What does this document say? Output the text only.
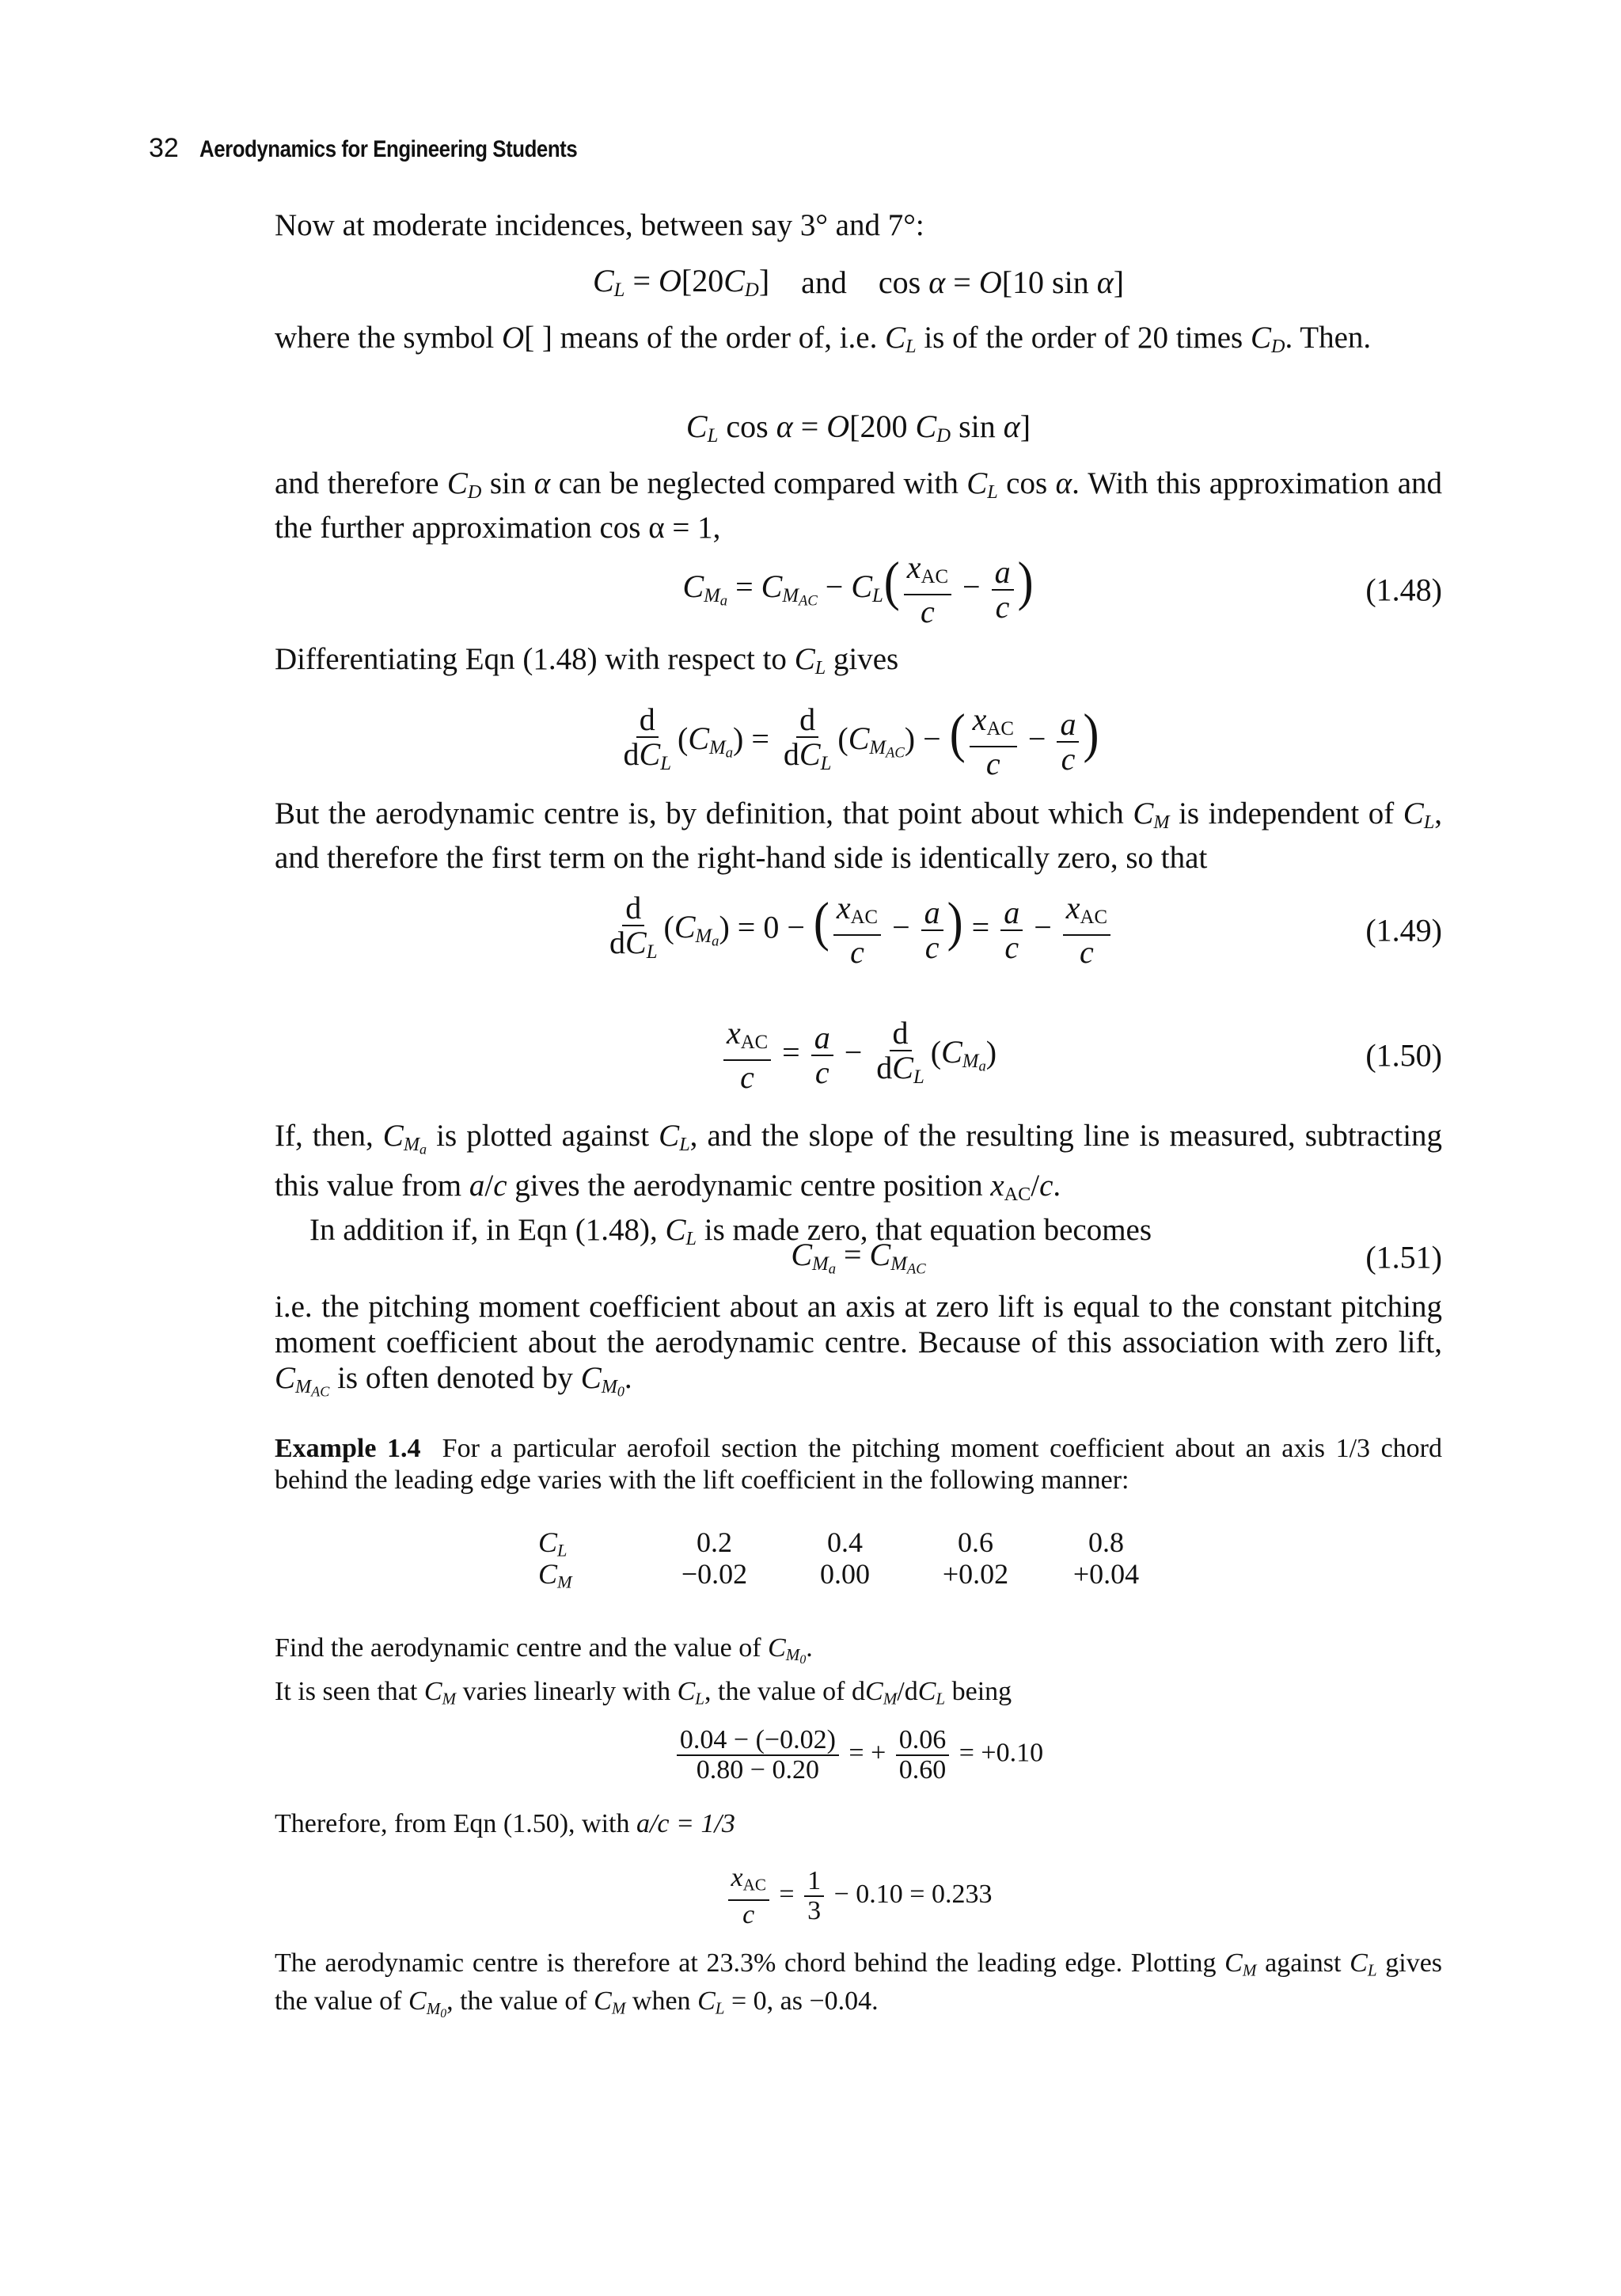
32 Aerodynamics for Engineering Students

Now at moderate incidences, between say 3° and 7°:

$C_L = O[20C_D]$ and cos α = O[10 sin α]

where the symbol O[ ] means of the order of, i.e. $C_L$ is of the order of 20 times $C_D$. Then.

$C_L$ cos α = O[200 $C_D$ sin α]

and therefore $C_D$ sin α can be neglected compared with $C_L$ cos α. With this approximation and the further approximation cos α = 1,

$C_{M_a} = C_{M_{AC}} - C_L( \frac{x_{AC}}{c} - \frac{a}{c}$ )	(1.48)

Differentiating Eqn (1.48) with respect to $C_L$ gives

$\frac{d}{dC_L} (C_{M_a}) = \frac{d}{dC_L} (C_{M_{AC}})$ − ( $\frac{x_{AC}}{c} - \frac{a}{c}$ )

But the aerodynamic centre is, by definition, that point about which $C_M$ is independent of $C_L$, and therefore the first term on the right-hand side is identically zero, so that

$\frac{d}{dC_L} (C_{M_a}) = 0$ − ( $\frac{x_{AC}}{c} - \frac{a}{c}$ ) = $\frac{a}{c} - \frac{x_{AC}}{c}$	(1.49)
$\frac{x_{AC}}{c} = \frac{a}{c} - \frac{d}{dC_L} (C_{M_a})$	(1.50)

If, then, $C_{M_a}$ is plotted against $C_L$, and the slope of the resulting line is measured, subtracting this value from a/c gives the aerodynamic centre position $x_{AC}/c$.

In addition if, in Eqn (1.48), $C_L$ is made zero, that equation becomes

$C_{M_a} = C_{M_{AC}}$	(1.51)

i.e. the pitching moment coefficient about an axis at zero lift is equal to the constant pitching moment coefficient about the aerodynamic centre. Because of this association with zero lift, $C_{M_{AC}}$ is often denoted by $C_{M_0}$.

Example 1.4 For a particular aerofoil section the pitching moment coefficient about an axis 1/3 chord behind the leading edge varies with the lift coefficient in the following manner:

$C_L$	0.2	0.4	0.6	0.8
$C_M$	−0.02	0.00	+0.02	+0.04

Find the aerodynamic centre and the value of $C_{M_0}$.
It is seen that $C_M$ varies linearly with $C_L$, the value of $dC_M/dC_L$ being

$\frac{0.04 - (-0.02)}{0.80 - 0.20}$ = + $\frac{0.06}{0.60} = +0.10$

Therefore, from Eqn (1.50), with a/c = 1/3

$\frac{x_{AC}}{c} = \frac{1}{3} - 0.10 = 0.233$

The aerodynamic centre is therefore at 23.3% chord behind the leading edge. Plotting $C_M$ against $C_L$ gives the value of $C_{M_0}$, the value of $C_M$ when $C_L = 0$, as −0.04.
